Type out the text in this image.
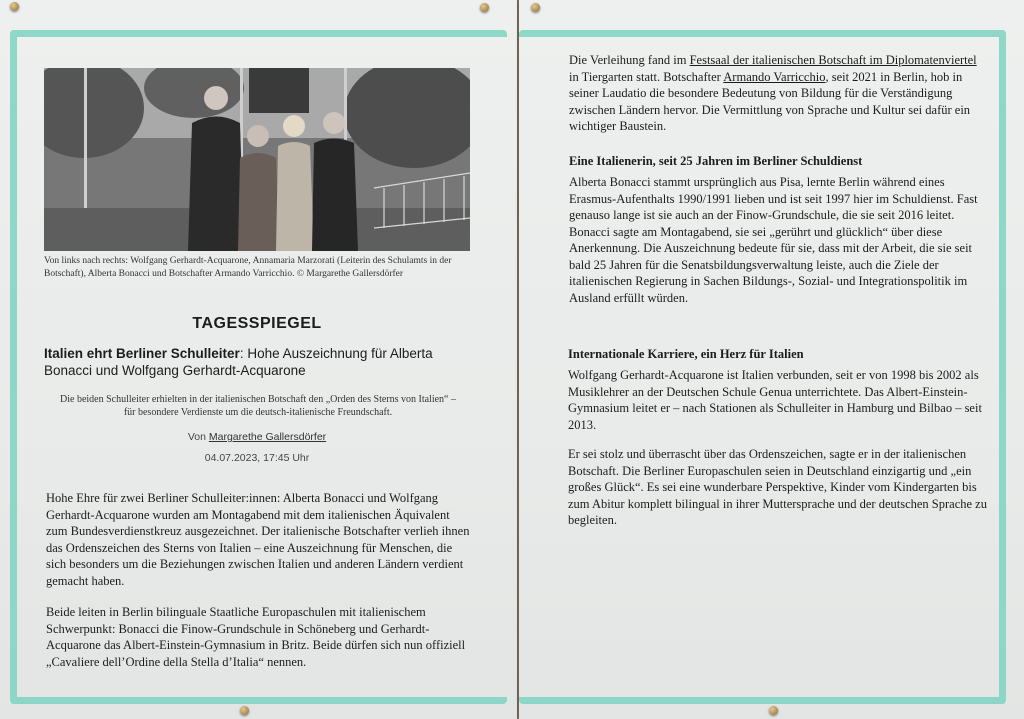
Von links nach rechts: Wolfgang Gerhardt-Acquarone, Annamaria Marzorati (Leiterin des Schulamts in der Botschaft), Alberta Bonacci und Botschafter Armando Varricchio. © Margarethe Gallersdörfer
TAGESSPIEGEL
Italien ehrt Berliner Schulleiter: Hohe Auszeichnung für Alberta Bonacci und Wolfgang Gerhardt-Acquarone
Die beiden Schulleiter erhielten in der italienischen Botschaft den „Orden des Sterns von Italien“ – für besondere Verdienste um die deutsch-italienische Freundschaft.
Von Margarethe Gallersdörfer
04.07.2023, 17:45 Uhr
Hohe Ehre für zwei Berliner Schulleiter:innen: Alberta Bonacci und Wolfgang Gerhardt-Acquarone wurden am Montagabend mit dem italienischen Äquivalent zum Bundesverdienstkreuz ausgezeichnet. Der italienische Botschafter verlieh ihnen das Ordenszeichen des Sterns von Italien – eine Auszeichnung für Menschen, die sich besonders um die Beziehungen zwischen Italien und anderen Ländern verdient gemacht haben.
Beide leiten in Berlin bilinguale Staatliche Europaschulen mit italienischem Schwerpunkt: Bonacci die Finow-Grundschule in Schöneberg und Gerhardt-Acquarone das Albert-Einstein-Gymnasium in Britz. Beide dürfen sich nun offiziell „Cavaliere dell’Ordine della Stella d’Italia“ nennen.
Die Verleihung fand im Festsaal der italienischen Botschaft im Diplomatenviertel in Tiergarten statt. Botschafter Armando Varricchio, seit 2021 in Berlin, hob in seiner Laudatio die besondere Bedeutung von Bildung für die Verständigung zwischen Ländern hervor. Die Vermittlung von Sprache und Kultur sei dafür ein wichtiger Baustein.
Eine Italienerin, seit 25 Jahren im Berliner Schuldienst
Alberta Bonacci stammt ursprünglich aus Pisa, lernte Berlin während eines Erasmus-Aufenthalts 1990/1991 lieben und ist seit 1997 hier im Schuldienst. Fast genauso lange ist sie auch an der Finow-Grundschule, die sie seit 2016 leitet. Bonacci sagte am Montagabend, sie sei „gerührt und glücklich“ über diese Anerkennung. Die Auszeichnung bedeute für sie, dass mit der Arbeit, die sie seit bald 25 Jahren für die Senatsbildungsverwaltung leiste, auch die Ziele der italienischen Regierung in Sachen Bildungs-, Sozial- und Integrationspolitik im Ausland erfüllt würden.
Internationale Karriere, ein Herz für Italien
Wolfgang Gerhardt-Acquarone ist Italien verbunden, seit er von 1998 bis 2002 als Musiklehrer an der Deutschen Schule Genua unterrichtete. Das Albert-Einstein-Gymnasium leitet er – nach Stationen als Schulleiter in Hamburg und Bilbao – seit 2013.
Er sei stolz und überrascht über das Ordenszeichen, sagte er in der italienischen Botschaft. Die Berliner Europaschulen seien in Deutschland einzigartig und „ein großes Glück“. Es sei eine wunderbare Perspektive, Kinder vom Kindergarten bis zum Abitur komplett bilingual in ihrer Muttersprache und der deutschen Sprache zu begleiten.
